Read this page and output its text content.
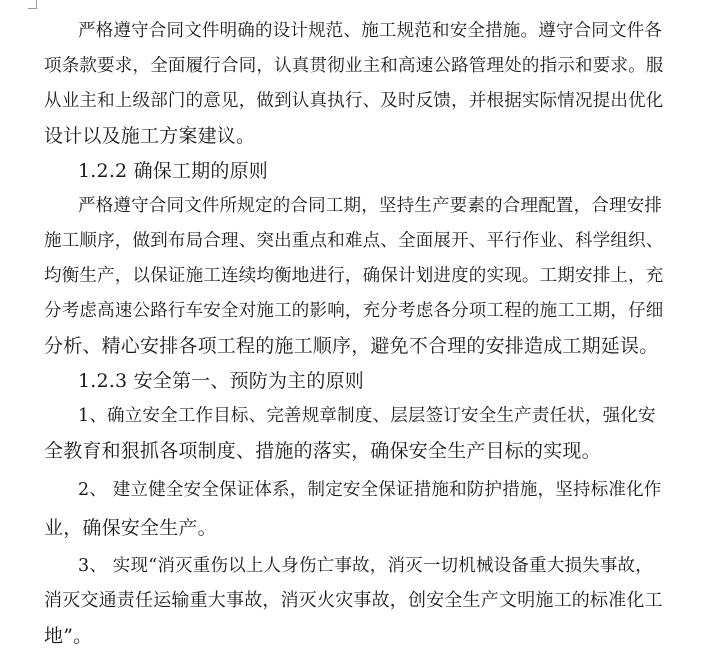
严格遵守合同文件明确的设计规范、施工规范和安全措施。遵守合同文件各
项条款要求，全面履行合同，认真贯彻业主和高速公路管理处的指示和要求。服
从业主和上级部门的意见，做到认真执行、及时反馈，并根据实际情况提出优化
设计以及施工方案建议。
1.2.2 确保工期的原则
严格遵守合同文件所规定的合同工期，坚持生产要素的合理配置，合理安排
施工顺序，做到布局合理、突出重点和难点、全面展开、平行作业、科学组织、
均衡生产，以保证施工连续均衡地进行，确保计划进度的实现。工期安排上，充
分考虑高速公路行车安全对施工的影响，充分考虑各分项工程的施工工期，仔细
分析、精心安排各项工程的施工顺序，避免不合理的安排造成工期延误。
1.2.3 安全第一、预防为主的原则
1、确立安全工作目标、完善规章制度、层层签订安全生产责任状，强化安
全教育和狠抓各项制度、措施的落实，确保安全生产目标的实现。
2、 建立健全安全保证体系，制定安全保证措施和防护措施，坚持标准化作
业，确保安全生产。
3、 实现“消灭重伤以上人身伤亡事故，消灭一切机械设备重大损失事故，
消灭交通责任运输重大事故，消灭火灾事故，创安全生产文明施工的标准化工
地”。
